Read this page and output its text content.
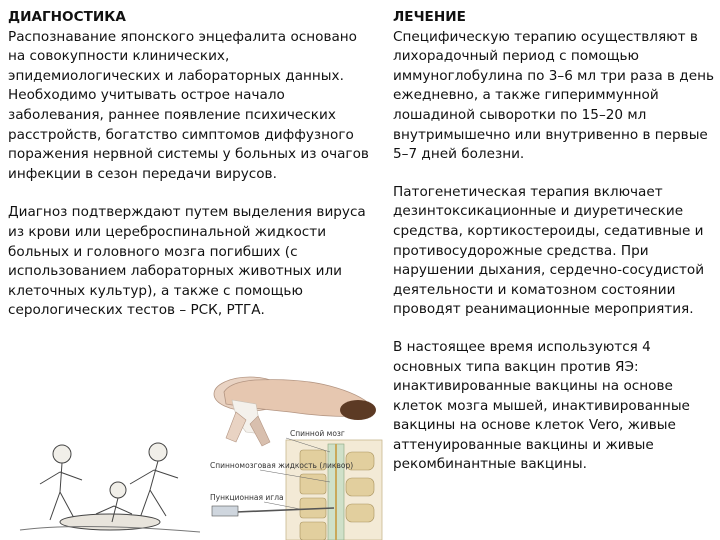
ДИАГНОСТИКА

Распознавание японского энцефалита основано на совокупности клинических, эпидемиологических и лабораторных данных. Необходимо учитывать острое начало заболевания, раннее появление психических расстройств, богатство симптомов диффузного поражения нервной системы у больных из очагов инфекции в сезон передачи вирусов.

Диагноз подтверждают путем выделения вируса из крови или цереброспинальной жидкости больных и головного мозга погибших (с использованием лабораторных животных или клеточных культур), а также с помощью серологических тестов – РСК, РТГА.

ЛЕЧЕНИЕ

Специфическую терапию осуществляют в лихорадочный период с помощью иммуноглобулина по 3–6 мл три раза в день ежедневно, а также гипериммунной лошадиной сыворотки по 15–20 мл внутримышечно или внутривенно в первые 5–7 дней болезни.

Патогенетическая терапия включает дезинтоксикационные и диуретические средства, кортикостероиды, седативные и противосудорожные средства. При нарушении дыхания, сердечно-сосудистой деятельности и коматозном состоянии проводят реанимационные мероприятия.

В настоящее время используются 4 основных типа вакцин против ЯЭ: инактивированные вакцины на основе клеток мозга мышей, инактивированные вакцины на основе клеток Vero, живые аттенуированные вакцины и живые рекомбинантные вакцины.

Спинной мозг
Спинномозговая жидкость (ликвор)
Пункционная игла
